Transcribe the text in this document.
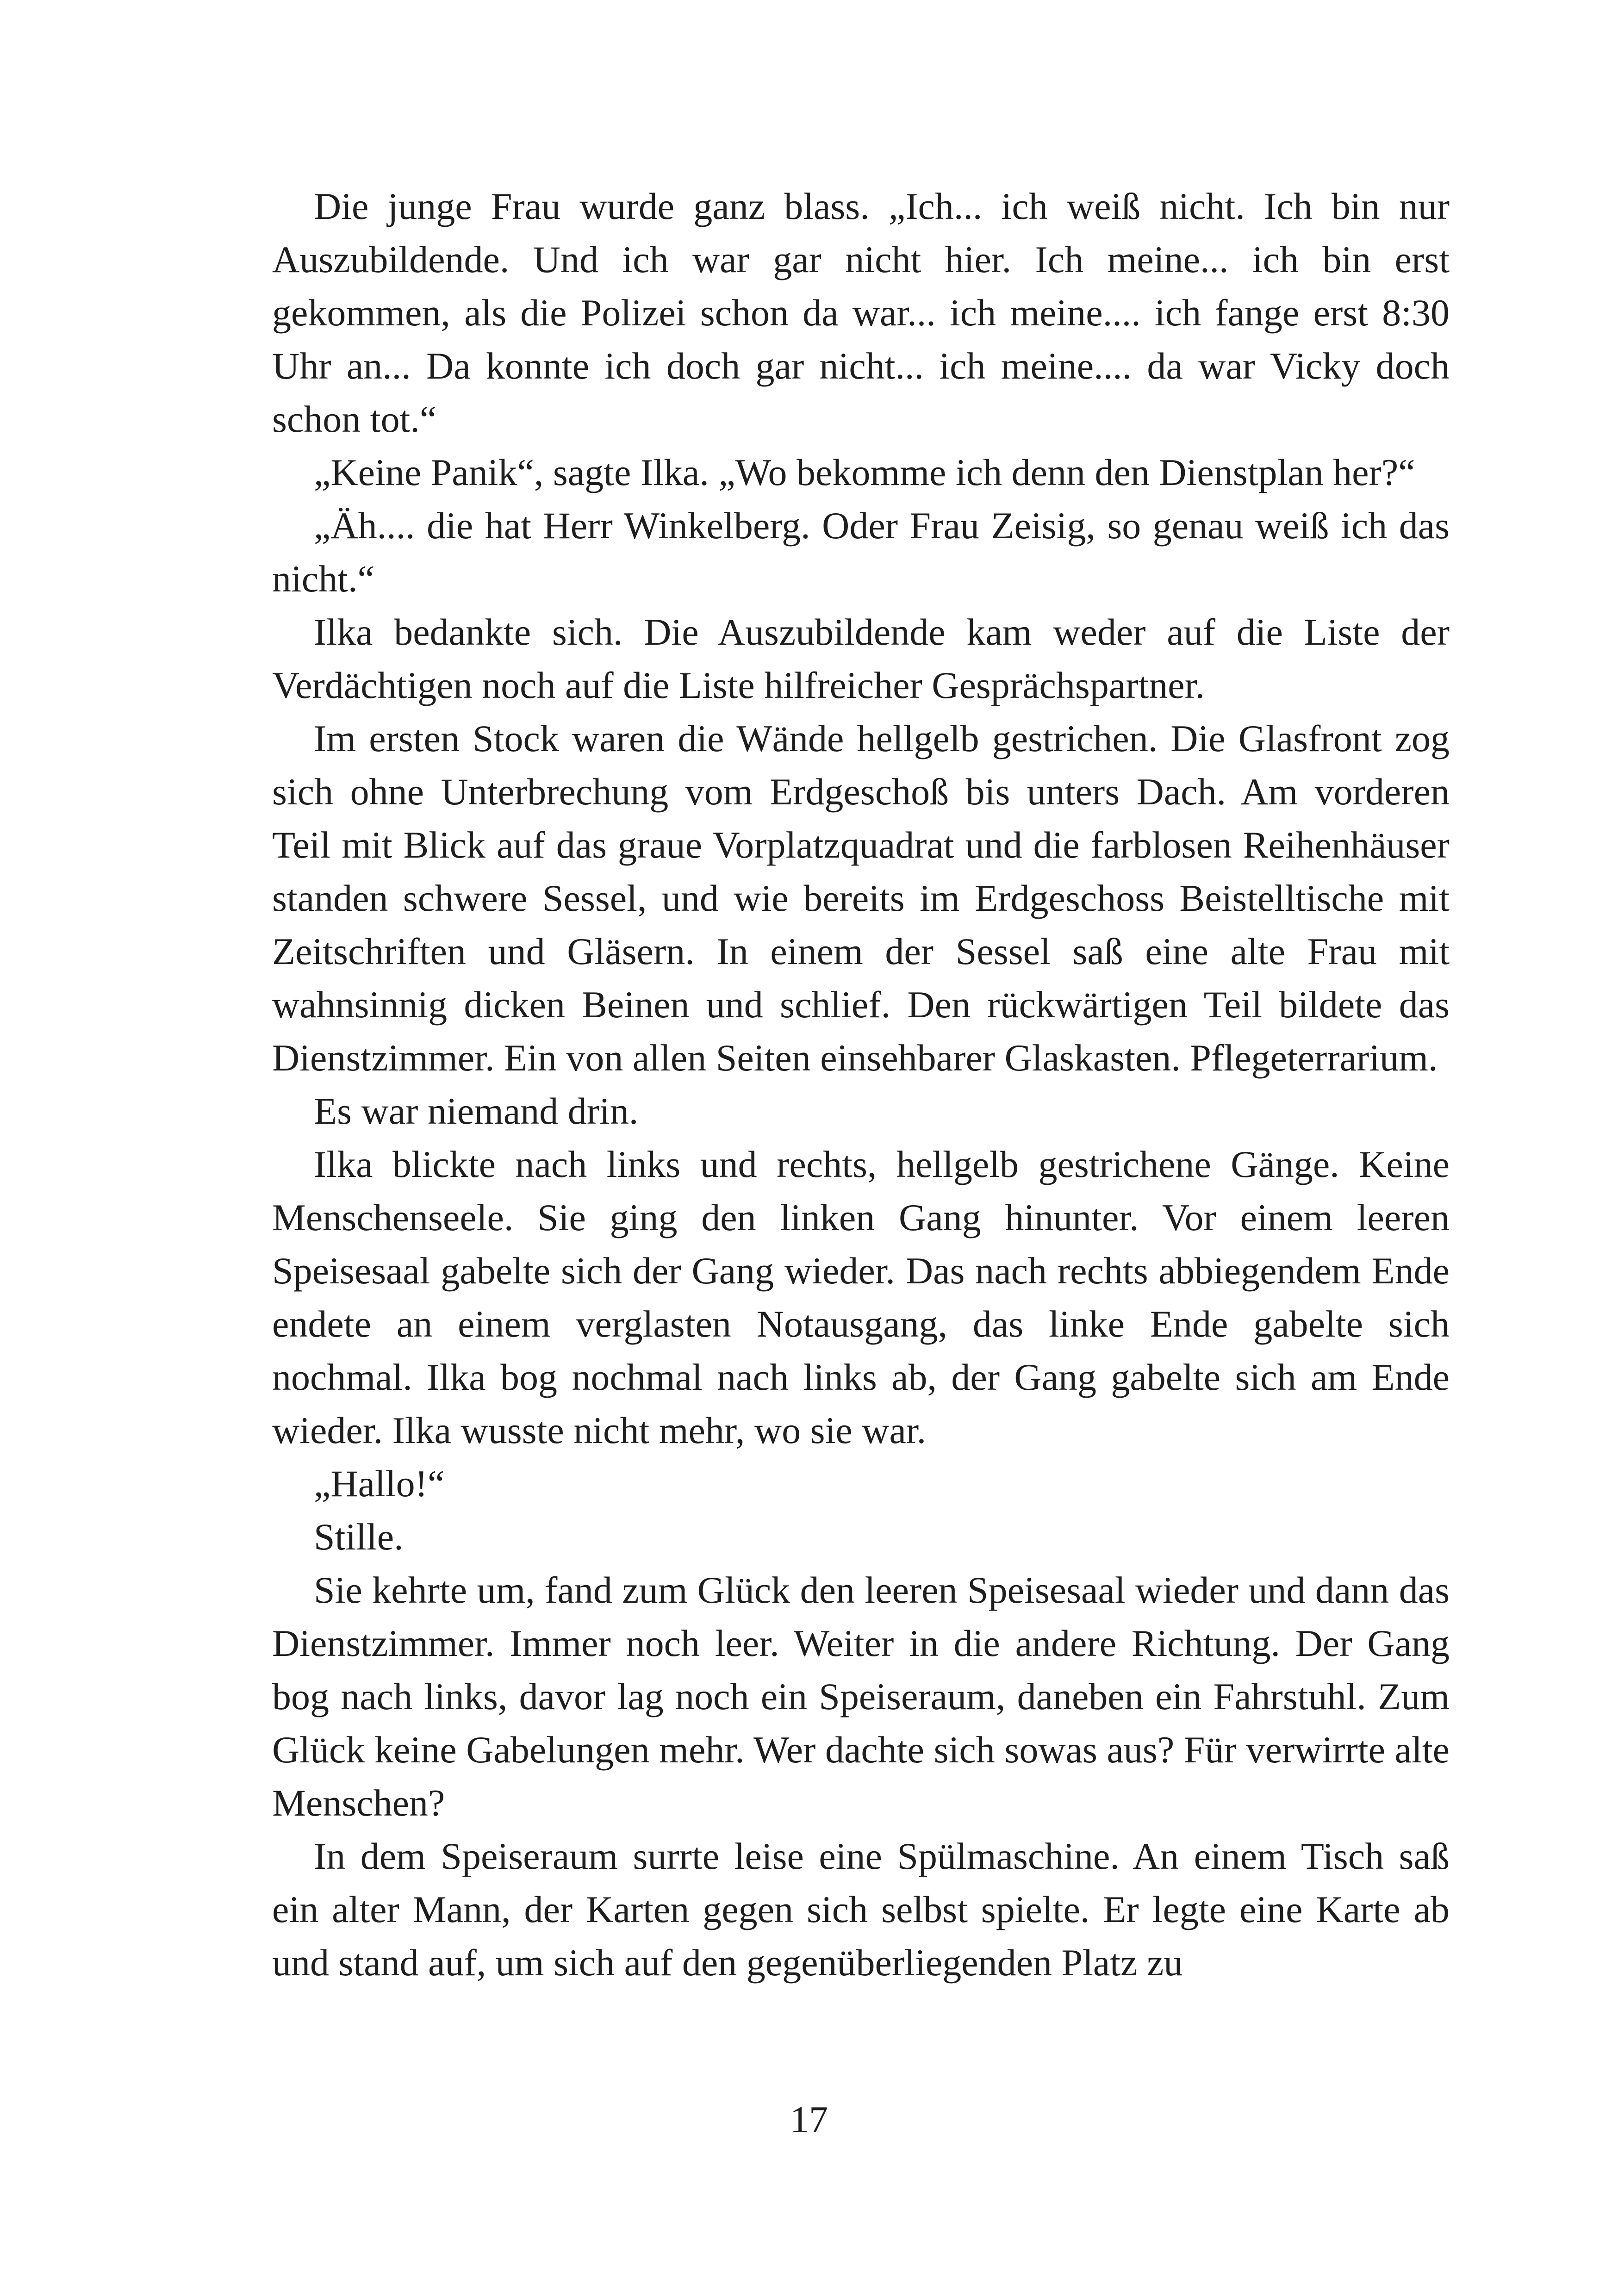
Die junge Frau wurde ganz blass. „Ich... ich weiß nicht. Ich bin nur Auszubildende. Und ich war gar nicht hier. Ich meine... ich bin erst gekommen, als die Polizei schon da war... ich meine.... ich fange erst 8:30 Uhr an... Da konnte ich doch gar nicht... ich meine.... da war Vicky doch schon tot.“

„Keine Panik“, sagte Ilka. „Wo bekomme ich denn den Dienstplan her?“

„Äh.... die hat Herr Winkelberg. Oder Frau Zeisig, so genau weiß ich das nicht.“

Ilka bedankte sich. Die Auszubildende kam weder auf die Liste der Verdächtigen noch auf die Liste hilfreicher Gesprächspartner.

Im ersten Stock waren die Wände hellgelb gestrichen. Die Glasfront zog sich ohne Unterbrechung vom Erdgeschoß bis unters Dach. Am vorderen Teil mit Blick auf das graue Vorplatzquadrat und die farblosen Reihenhäuser standen schwere Sessel, und wie bereits im Erdgeschoss Beistelltische mit Zeitschriften und Gläsern. In einem der Sessel saß eine alte Frau mit wahnsinnig dicken Beinen und schlief. Den rückwärtigen Teil bildete das Dienstzimmer. Ein von allen Seiten einsehbarer Glaskasten. Pflegeterrarium.

Es war niemand drin.

Ilka blickte nach links und rechts, hellgelb gestrichene Gänge. Keine Menschenseele. Sie ging den linken Gang hinunter. Vor einem leeren Speisesaal gabelte sich der Gang wieder. Das nach rechts abbiegendem Ende endete an einem verglasten Notausgang, das linke Ende gabelte sich nochmal. Ilka bog nochmal nach links ab, der Gang gabelte sich am Ende wieder. Ilka wusste nicht mehr, wo sie war.

„Hallo!“

Stille.

Sie kehrte um, fand zum Glück den leeren Speisesaal wieder und dann das Dienstzimmer. Immer noch leer. Weiter in die andere Richtung. Der Gang bog nach links, davor lag noch ein Speiseraum, daneben ein Fahrstuhl. Zum Glück keine Gabelungen mehr. Wer dachte sich sowas aus? Für verwirrte alte Menschen?

In dem Speiseraum surrte leise eine Spülmaschine. An einem Tisch saß ein alter Mann, der Karten gegen sich selbst spielte. Er legte eine Karte ab und stand auf, um sich auf den gegenüberliegenden Platz zu

17
